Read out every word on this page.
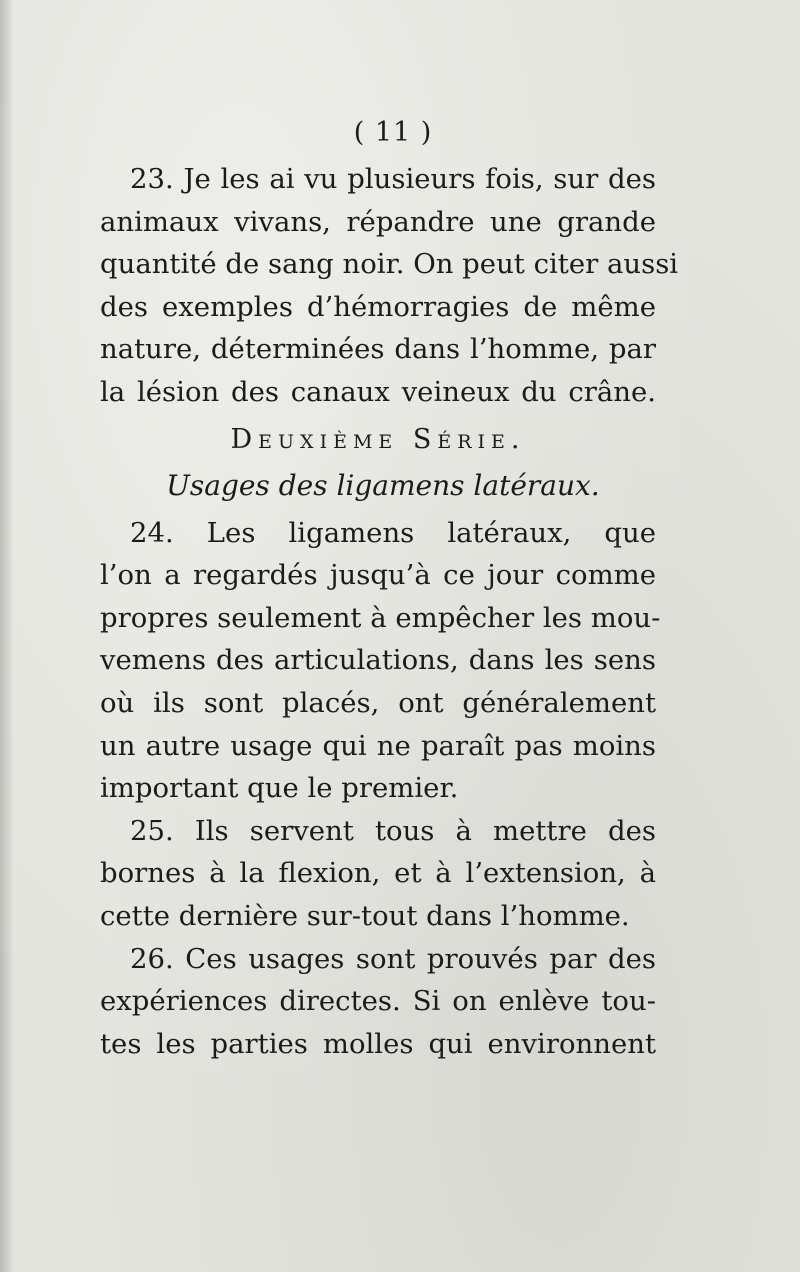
( 11 )
23. Je les ai vu plusieurs fois, sur des
animaux vivans, répandre une grande
quantité de sang noir. On peut citer aussi
des exemples d’hémorragies de même
nature, déterminées dans l’homme, par
la lésion des canaux veineux du crâne.
Deuxième Série.
Usages des ligamens latéraux.
24. Les ligamens latéraux, que
l’on a regardés jusqu’à ce jour comme
propres seulement à empêcher les mou-
vemens des articulations, dans les sens
où ils sont placés, ont généralement
un autre usage qui ne paraît pas moins
important que le premier.
25. Ils servent tous à mettre des
bornes à la flexion, et à l’extension, à
cette dernière sur-tout dans l’homme.
26. Ces usages sont prouvés par des
expériences directes. Si on enlève tou-
tes les parties molles qui environnent
